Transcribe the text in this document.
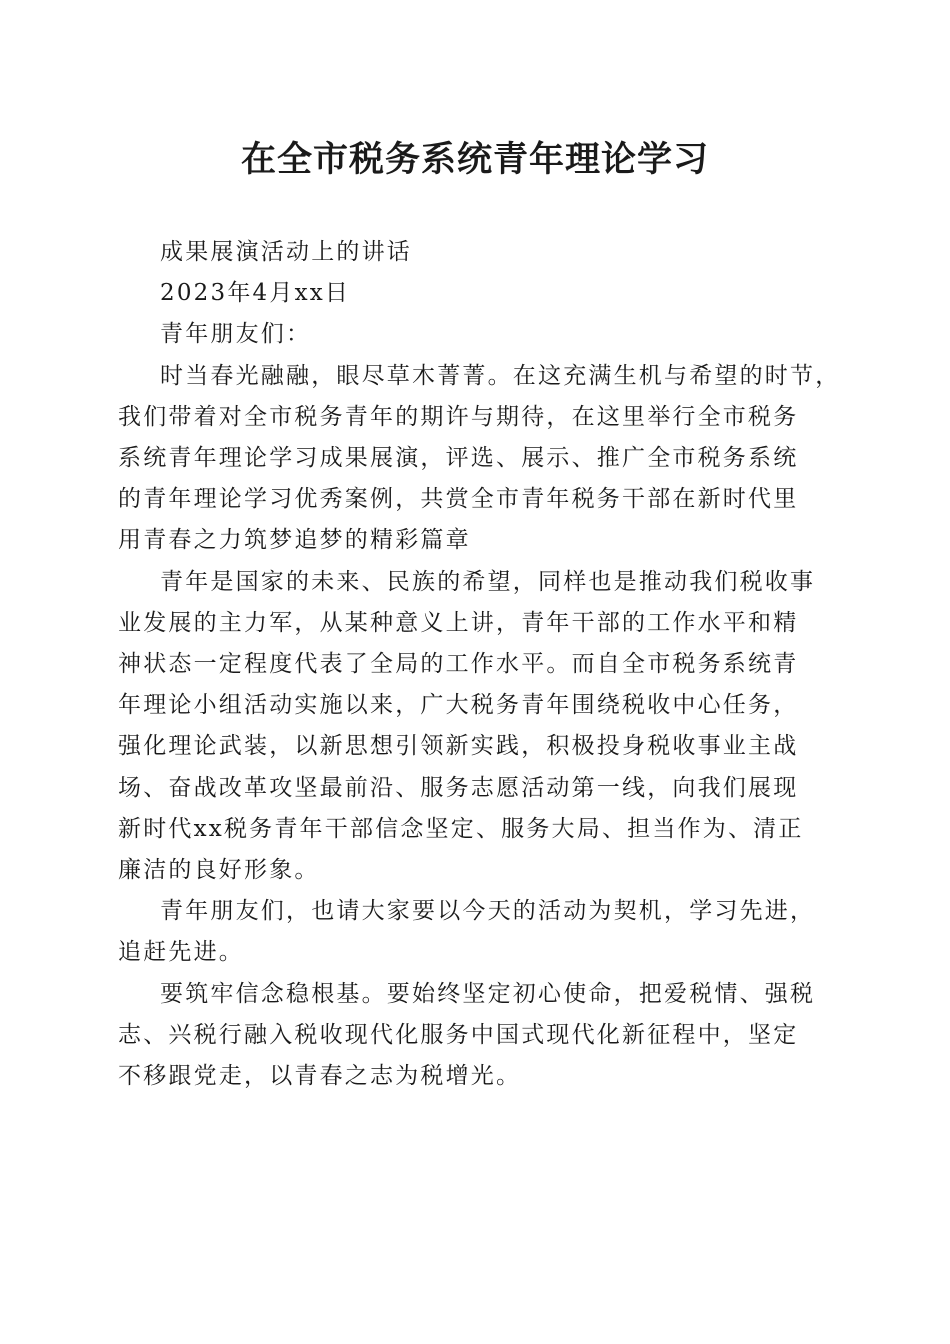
在全市税务系统青年理论学习

成果展演活动上的讲话

2023年4月xx日

青年朋友们：

时当春光融融，眼尽草木菁菁。在这充满生机与希望的时节，

我们带着对全市税务青年的期许与期待，在这里举行全市税务

系统青年理论学习成果展演，评选、展示、推广全市税务系统

的青年理论学习优秀案例，共赏全市青年税务干部在新时代里

用青春之力筑梦追梦的精彩篇章

青年是国家的未来、民族的希望，同样也是推动我们税收事

业发展的主力军，从某种意义上讲，青年干部的工作水平和精

神状态一定程度代表了全局的工作水平。而自全市税务系统青

年理论小组活动实施以来，广大税务青年围绕税收中心任务，

强化理论武装，以新思想引领新实践，积极投身税收事业主战

场、奋战改革攻坚最前沿、服务志愿活动第一线，向我们展现

新时代xx税务青年干部信念坚定、服务大局、担当作为、清正

廉洁的良好形象。

青年朋友们，也请大家要以今天的活动为契机，学习先进，

追赶先进。

要筑牢信念稳根基。要始终坚定初心使命，把爱税情、强税

志、兴税行融入税收现代化服务中国式现代化新征程中，坚定

不移跟党走，以青春之志为税增光。
